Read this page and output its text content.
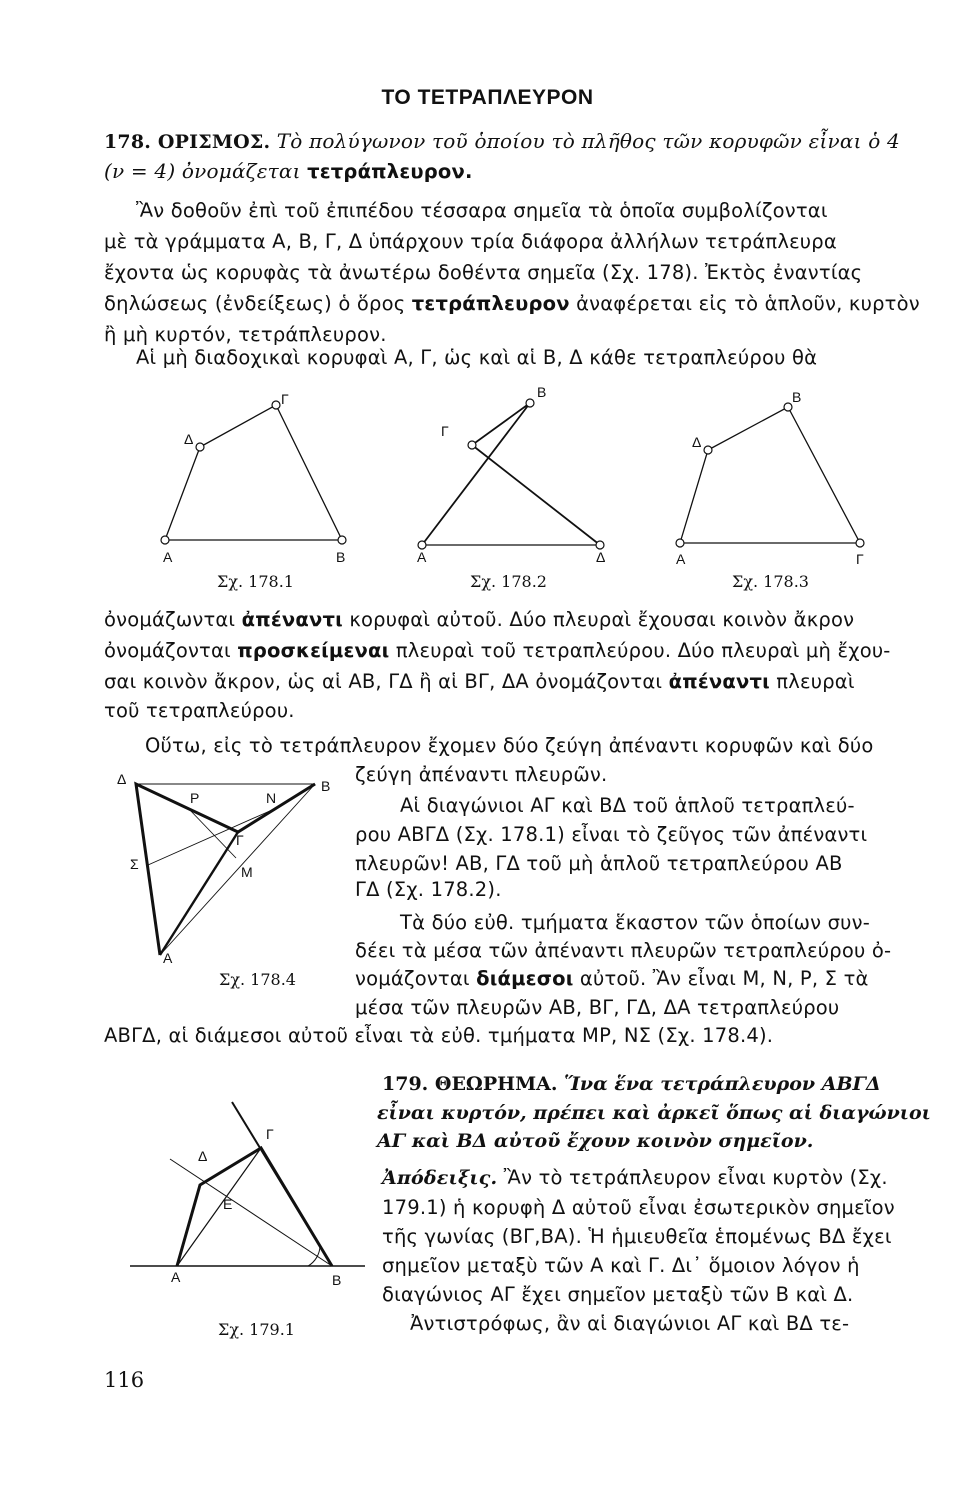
ΤΟ ΤΕΤΡΑΠΛΕΥΡΟΝ
178. ΟΡΙΣΜΟΣ. Τὸ πολύγωνον τοῦ ὁποίου τὸ πλῆθος τῶν κορυφῶν εἶναι ὁ 4
(ν = 4) ὀνομάζεται τετράπλευρον.
Ἂν δοθοῦν ἐπὶ τοῦ ἐπιπέδου τέσσαρα σημεῖα τὰ ὁποῖα συμβολίζονται
μὲ τὰ γράμματα Α, Β, Γ, Δ ὑπάρχουν τρία διάφορα ἀλλήλων τετράπλευρα
ἔχοντα ὡς κορυφὰς τὰ ἀνωτέρω δοθέντα σημεῖα (Σχ. 178). Ἐκτὸς ἐναντίας
δηλώσεως (ἐνδείξεως) ὁ ὅρος τετράπλευρον ἀναφέρεται εἰς τὸ ἁπλοῦν, κυρτὸν
ἢ μὴ κυρτόν, τετράπλευρον.
Αἱ μὴ διαδοχικαὶ κορυφαὶ Α, Γ, ὡς καὶ αἱ Β, Δ κάθε τετραπλεύρου θὰ
Γ
Δ
Α	Β
Σχ. 178.1
Β
Γ
Α	Δ
Σχ. 178.2
Β
Δ
Α	Γ
Σχ. 178.3
ὀνομάζωνται ἀπέναντι κορυφαὶ αὐτοῦ. Δύο πλευραὶ ἔχουσαι κοινὸν ἄκρον
ὀνομάζονται προσκείμεναι πλευραὶ τοῦ τετραπλεύρου. Δύο πλευραὶ μὴ ἔχου-
σαι κοινὸν ἄκρον, ὡς αἱ ΑΒ, ΓΔ ἢ αἱ ΒΓ, ΔΑ ὀνομάζονται ἀπέναντι πλευραὶ
τοῦ τετραπλεύρου.
Οὕτω, εἰς τὸ τετράπλευρον ἔχομεν δύο ζεύγη ἀπέναντι κορυφῶν καὶ δύο
ζεύγη ἀπέναντι πλευρῶν.
Δ	Β
Ρ	Ν
Γ
Σ	Μ
Α
Σχ. 178.4
Αἱ διαγώνιοι ΑΓ καὶ ΒΔ τοῦ ἁπλοῦ τετραπλεύ-
ρου ΑΒΓΔ (Σχ. 178.1) εἶναι τὸ ζεῦγος τῶν ἀπέναντι
πλευρῶν! ΑΒ, ΓΔ τοῦ μὴ ἁπλοῦ τετραπλεύρου ΑΒ
ΓΔ (Σχ. 178.2).
Τὰ δύο εὐθ. τμήματα ἕκαστον τῶν ὁποίων συν-
δέει τὰ μέσα τῶν ἀπέναντι πλευρῶν τετραπλεύρου ὀ-
νομάζονται διάμεσοι αὐτοῦ. Ἂν εἶναι Μ, Ν, Ρ, Σ τὰ
μέσα τῶν πλευρῶν ΑΒ, ΒΓ, ΓΔ, ΔΑ τετραπλεύρου
ΑΒΓΔ, αἱ διάμεσοι αὐτοῦ εἶναι τὰ εὐθ. τμήματα ΜΡ, ΝΣ (Σχ. 178.4).
179. ΘΕΩΡΗΜΑ. Ἵνα ἕνα τετράπλευρον ΑΒΓΔ
εἶναι κυρτόν, πρέπει καὶ ἀρκεῖ ὅπως αἱ διαγώνιοι
ΑΓ καὶ ΒΔ αὐτοῦ ἔχουν κοινὸν σημεῖον.
Γ
Δ
Ε
Α	Β
Σχ. 179.1
Ἀπόδειξις. Ἂν τὸ τετράπλευρον εἶναι κυρτὸν (Σχ.
179.1) ἡ κορυφὴ Δ αὐτοῦ εἶναι ἐσωτερικὸν σημεῖον
τῆς γωνίας (ΒΓ,ΒΑ). Ἡ ἡμιευθεῖα ἑπομένως ΒΔ ἔχει
σημεῖον μεταξὺ τῶν Α καὶ Γ. Δι᾽ ὅμοιον λόγον ἡ
διαγώνιος ΑΓ ἔχει σημεῖον μεταξὺ τῶν Β καὶ Δ.
Ἀντιστρόφως, ἂν αἱ διαγώνιοι ΑΓ καὶ ΒΔ τε-
116
